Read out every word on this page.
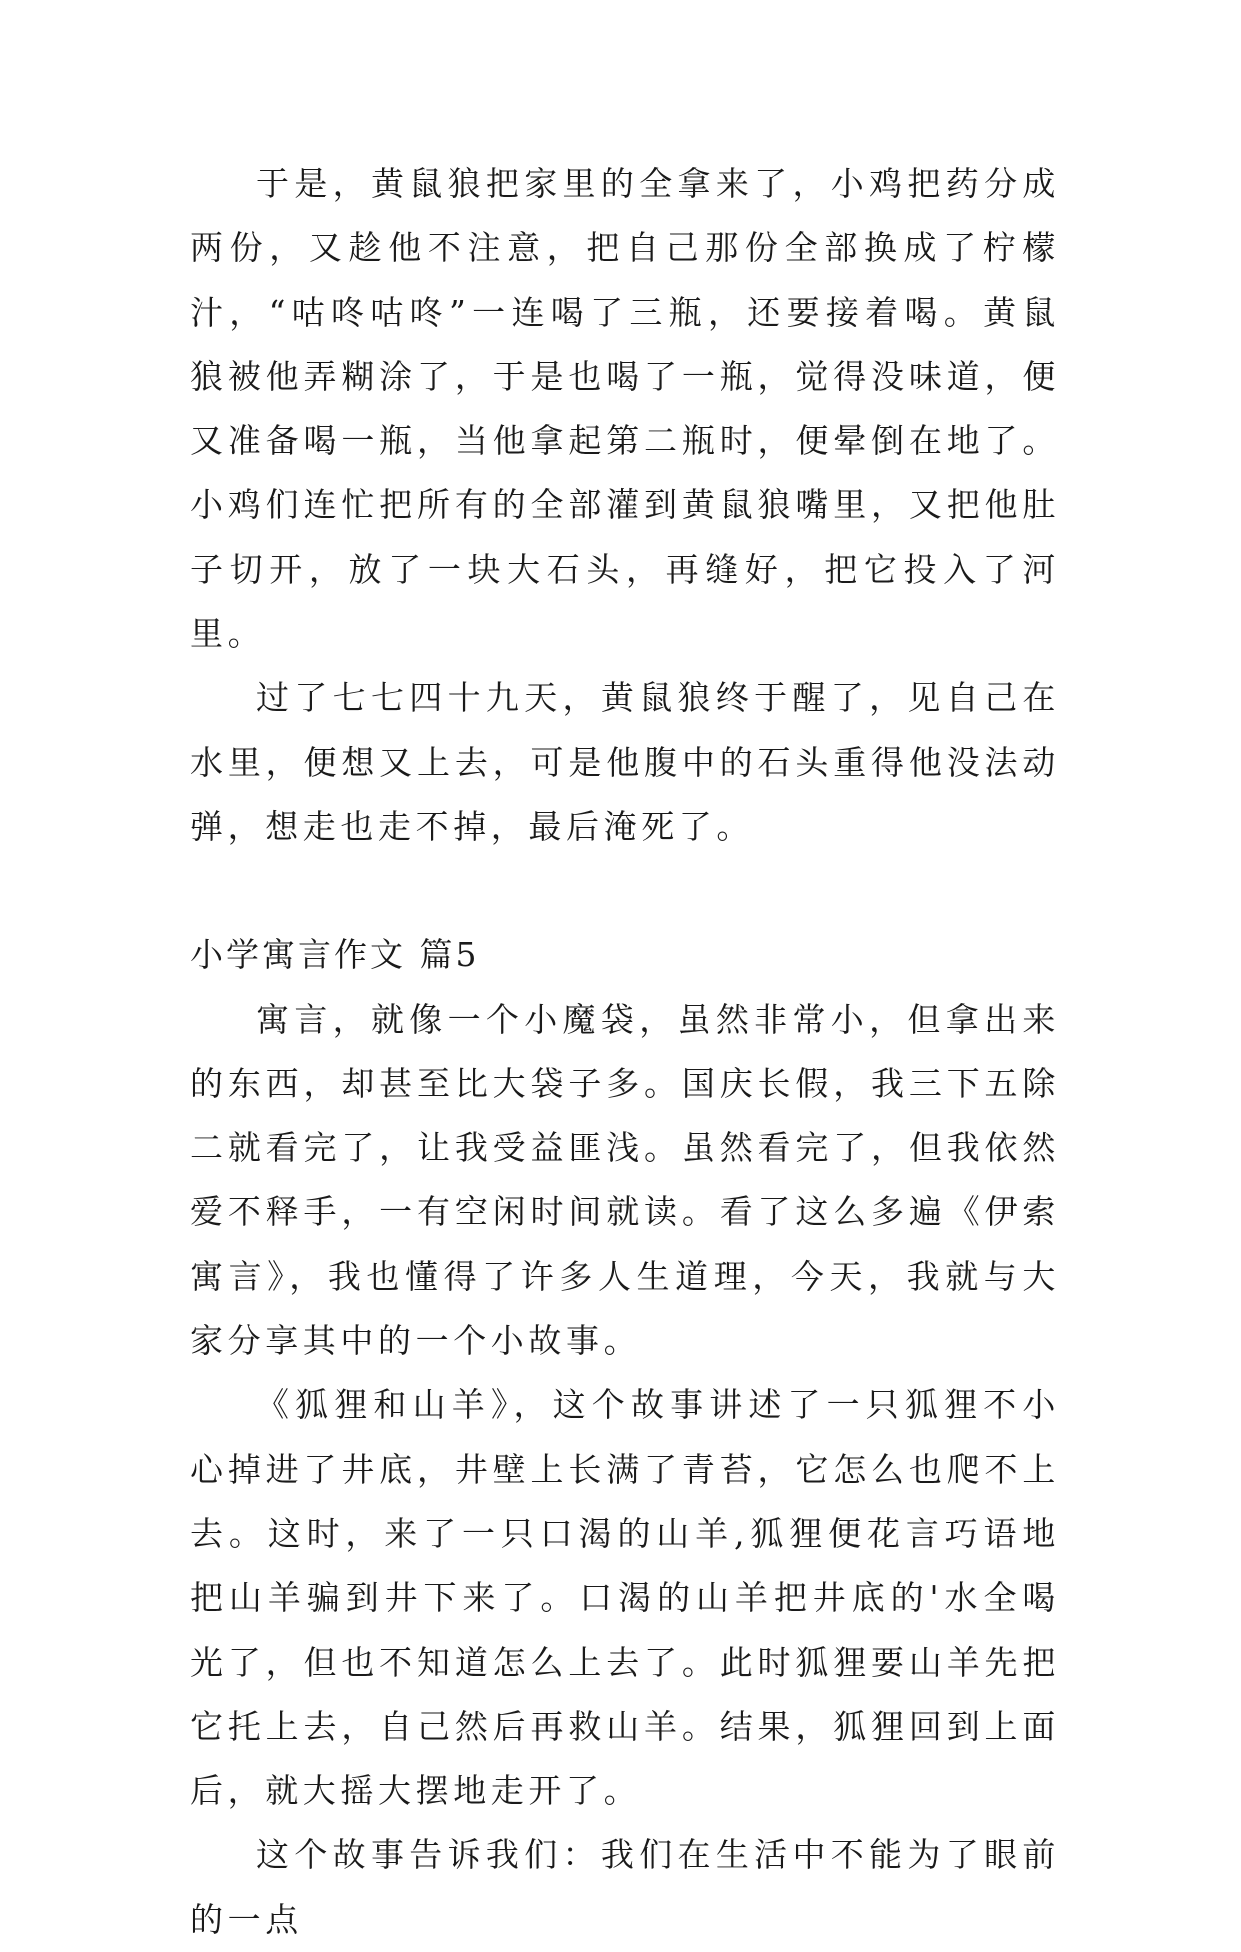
于是，黄鼠狼把家里的全拿来了，小鸡把药分成两份，又趁他不注意，把自己那份全部换成了柠檬汁，“咕咚咕咚”一连喝了三瓶，还要接着喝。黄鼠狼被他弄糊涂了，于是也喝了一瓶，觉得没味道，便又准备喝一瓶，当他拿起第二瓶时，便晕倒在地了。小鸡们连忙把所有的全部灌到黄鼠狼嘴里，又把他肚子切开，放了一块大石头，再缝好，把它投入了河里。

过了七七四十九天，黄鼠狼终于醒了，见自己在水里，便想又上去，可是他腹中的石头重得他没法动弹，想走也走不掉，最后淹死了。

小学寓言作文 篇5

寓言，就像一个小魔袋，虽然非常小，但拿出来的东西，却甚至比大袋子多。国庆长假，我三下五除二就看完了，让我受益匪浅。虽然看完了，但我依然爱不释手，一有空闲时间就读。看了这么多遍《伊索寓言》，我也懂得了许多人生道理，今天，我就与大家分享其中的一个小故事。

《狐狸和山羊》，这个故事讲述了一只狐狸不小心掉进了井底，井壁上长满了青苔，它怎么也爬不上去。这时，来了一只口渴的山羊,狐狸便花言巧语地把山羊骗到井下来了。口渴的山羊把井底的'水全喝光了，但也不知道怎么上去了。此时狐狸要山羊先把它托上去，自己然后再救山羊。结果，狐狸回到上面后，就大摇大摆地走开了。

这个故事告诉我们：我们在生活中不能为了眼前的一点
